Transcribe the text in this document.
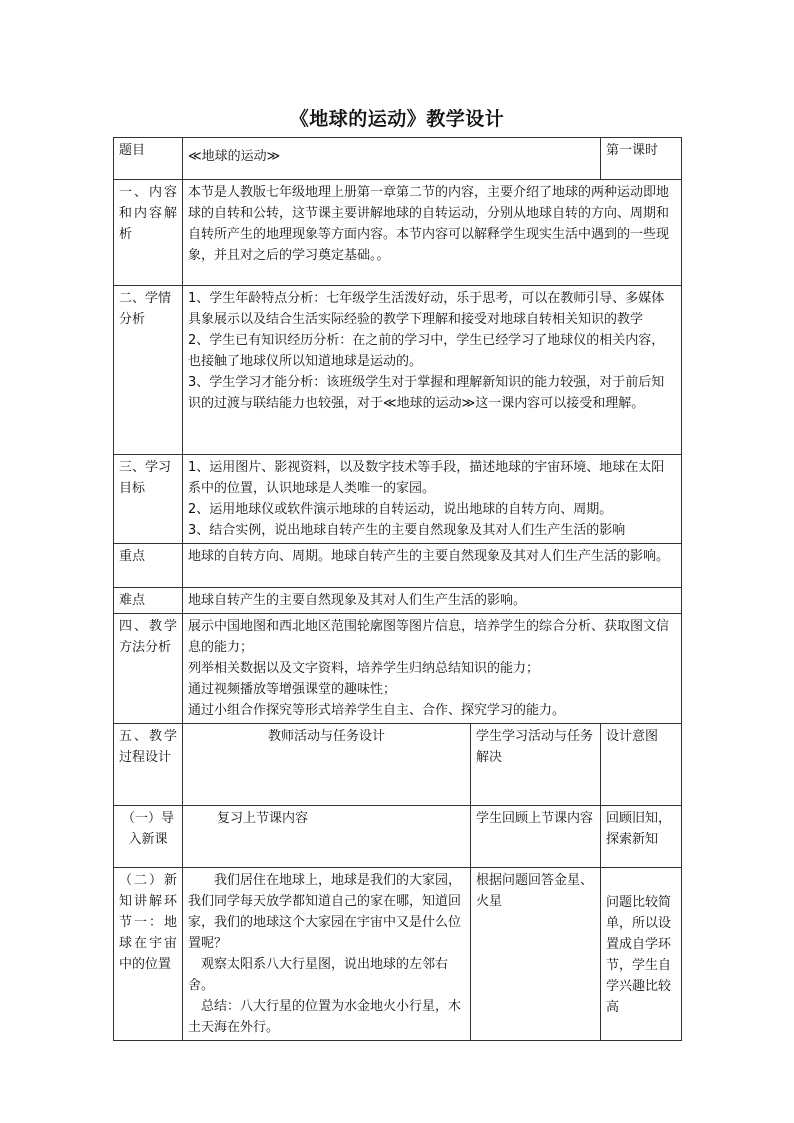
《地球的运动》教学设计
题目	≪地球的运动≫		第一课时
一、内容和内容解析	本节是人教版七年级地理上册第一章第二节的内容，主要介绍了地球的两种运动即地球的自转和公转，这节课主要讲解地球的自转运动，分别从地球自转的方向、周期和自转所产生的地理现象等方面内容。本节内容可以解释学生现实生活中遇到的一些现象，并且对之后的学习奠定基础。。		
二、学情分析	1、学生年龄特点分析：七年级学生活泼好动，乐于思考，可以在教师引导、多媒体具象展示以及结合生活实际经验的教学下理解和接受对地球自转相关知识的教学

2、学生已有知识经历分析：在之前的学习中，学生已经学习了地球仪的相关内容，也接触了地球仪所以知道地球是运动的。

3、学生学习才能分析：该班级学生对于掌握和理解新知识的能力较强，对于前后知识的过渡与联结能力也较强，对于≪地球的运动≫这一课内容可以接受和理解。		

三、学习目标	1、运用图片、影视资料，以及数字技术等手段，描述地球的宇宙环境、地球在太阳系中的位置，认识地球是人类唯一的家园。

2、运用地球仪或软件演示地球的自转运动，说出地球的自转方向、周期。

3、结合实例，说出地球自转产生的主要自然现象及其对人们生产生活的影响		

重点	地球的自转方向、周期。地球自转产生的主要自然现象及其对人们生产生活的影响。		
难点	地球自转产生的主要自然现象及其对人们生产生活的影响。		
四、教学方法分析	展示中国地图和西北地区范围轮廓图等图片信息，培养学生的综合分析、获取图文信息的能力；

列举相关数据以及文字资料，培养学生归纳总结知识的能力；

通过视频播放等增强课堂的趣味性；

通过小组合作探究等形式培养学生自主、合作、探究学习的能力。		

五、教学过程设计	教师活动与任务设计	学生学习活动与任务解决	设计意图
（一）导入新课	复习上节课内容	学生回顾上节课内容	回顾旧知，探索新知
（二）新知讲解环节一：地球在宇宙中的位置	我们居住在地球上，地球是我们的大家园，我们同学每天放学都知道自己的家在哪，知道回家，我们的地球这个大家园在宇宙中又是什么位置呢？

观察太阳系八大行星图，说出地球的左邻右舍。

总结：八大行星的位置为水金地火小行星，木土天海在外行。	根据问题回答金星、火星	问题比较简单，所以设置成自学环节，学生自学兴趣比较高
